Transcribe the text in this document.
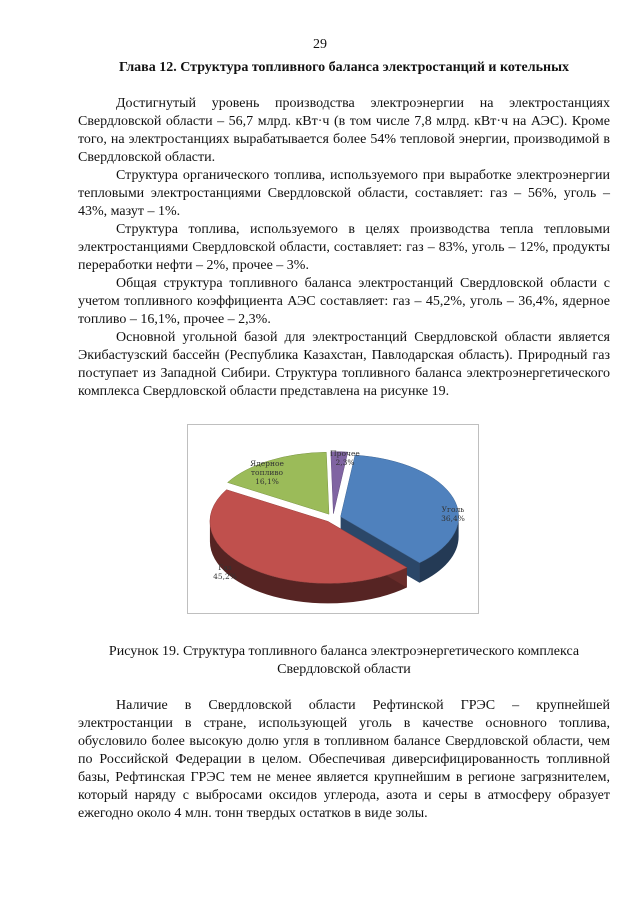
29
Глава 12. Структура топливного баланса электростанций и котельных

Достигнутый уровень производства электроэнергии на электростанциях Свердловской области – 56,7 млрд. кВт·ч (в том числе 7,8 млрд. кВт·ч на АЭС). Кроме того, на электростанциях вырабатывается более 54% тепловой энергии, производимой в Свердловской области.

Структура органического топлива, используемого при выработке электроэнергии тепловыми электростанциями Свердловской области, составляет: газ – 56%, уголь – 43%, мазут – 1%.

Структура топлива, используемого в целях производства тепла тепловыми электростанциями Свердловской области, составляет: газ – 83%, уголь – 12%, продукты переработки нефти – 2%, прочее – 3%.

Общая структура топливного баланса электростанций Свердловской области с учетом топливного коэффициента АЭС составляет: газ – 45,2%, уголь – 36,4%, ядерное топливо – 16,1%, прочее – 2,3%.

Основной угольной базой для электростанций Свердловской области является Экибастузский бассейн (Республика Казахстан, Павлодарская область). Природный газ поступает из Западной Сибири. Структура топливного баланса электроэнергетического комплекса Свердловской области представлена на рисунке 19.

Уголь 36,4%
Газ 45,2%
Ядерное топливо 16,1%
Прочее 2,3%
Рисунок 19. Структура топливного баланса электроэнергетического комплекса Свердловской области

Наличие в Свердловской области Рефтинской ГРЭС – крупнейшей электростанции в стране, использующей уголь в качестве основного топлива, обусловило более высокую долю угля в топливном балансе Свердловской области, чем по Российской Федерации в целом. Обеспечивая диверсифицированность топливной базы, Рефтинская ГРЭС тем не менее является крупнейшим в регионе загрязнителем, который наряду с выбросами оксидов углерода, азота и серы в атмосферу образует ежегодно около 4 млн. тонн твердых остатков в виде золы.
